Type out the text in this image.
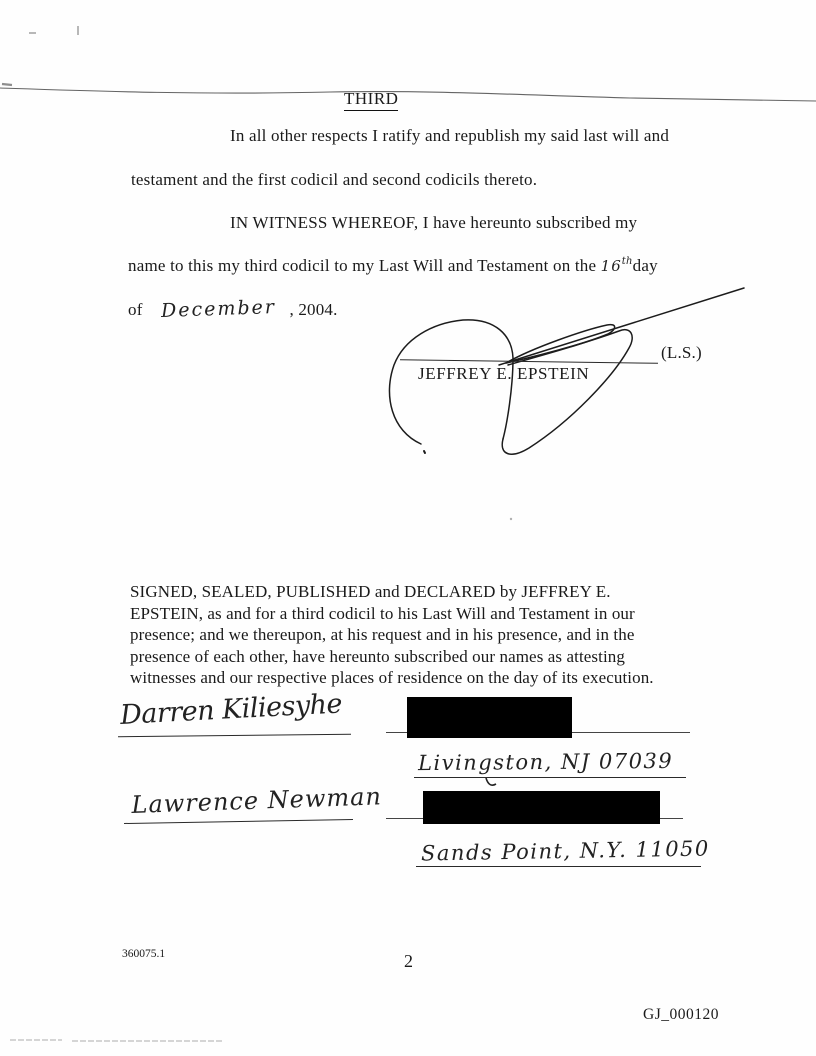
THIRD
In all other respects I ratify and republish my said last will and
testament and the first codicil and second codicils thereto.
IN WITNESS WHEREOF, I have hereunto subscribed my
name to this my third codicil to my Last Will and Testament on the 16thday
of December , 2004.
(L.S.)
JEFFREY E. EPSTEIN
SIGNED, SEALED, PUBLISHED and DECLARED by JEFFREY E.
EPSTEIN, as and for a third codicil to his Last Will and Testament in our
presence; and we thereupon, at his request and in his presence, and in the
presence of each other, have hereunto subscribed our names as attesting
witnesses and our respective places of residence on the day of its execution.
Darren Kiliesyhe
Livingston, NJ 07039
Lawrence Newman
Sands Point, N.Y. 11050
360075.1	2
GJ_000120
